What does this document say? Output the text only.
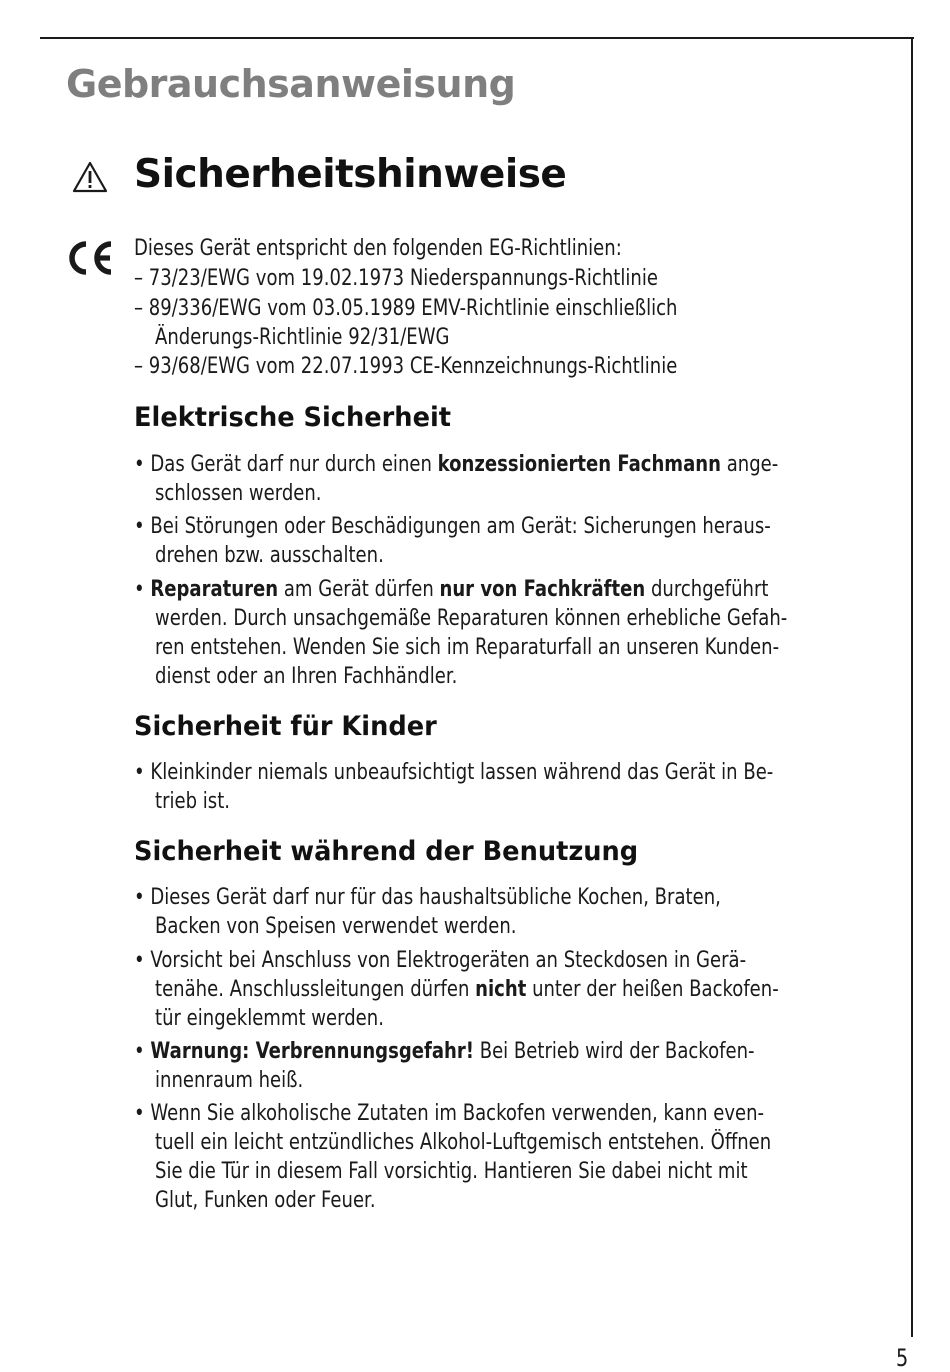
Gebrauchsanweisung
Sicherheitshinweise
Dieses Gerät entspricht den folgenden EG-Richtlinien:
– 73/23/EWG vom 19.02.1973 Niederspannungs-Richtlinie
– 89/336/EWG vom 03.05.1989 EMV-Richtlinie einschließlich
Änderungs-Richtlinie 92/31/EWG
– 93/68/EWG vom 22.07.1993 CE-Kennzeichnungs-Richtlinie
Elektrische Sicherheit
• Das Gerät darf nur durch einen konzessionierten Fachmann ange-
schlossen werden.
• Bei Störungen oder Beschädigungen am Gerät: Sicherungen heraus-
drehen bzw. ausschalten.
• Reparaturen am Gerät dürfen nur von Fachkräften durchgeführt
werden. Durch unsachgemäße Reparaturen können erhebliche Gefah-
ren entstehen. Wenden Sie sich im Reparaturfall an unseren Kunden-
dienst oder an Ihren Fachhändler.
Sicherheit für Kinder
• Kleinkinder niemals unbeaufsichtigt lassen während das Gerät in Be-
trieb ist.
Sicherheit während der Benutzung
• Dieses Gerät darf nur für das haushaltsübliche Kochen, Braten,
Backen von Speisen verwendet werden.
• Vorsicht bei Anschluss von Elektrogeräten an Steckdosen in Gerä-
tenähe. Anschlussleitungen dürfen nicht unter der heißen Backofen-
tür eingeklemmt werden.
• Warnung: Verbrennungsgefahr! Bei Betrieb wird der Backofen-
innenraum heiß.
• Wenn Sie alkoholische Zutaten im Backofen verwenden, kann even-
tuell ein leicht entzündliches Alkohol-Luftgemisch entstehen. Öffnen
Sie die Tür in diesem Fall vorsichtig. Hantieren Sie dabei nicht mit
Glut, Funken oder Feuer.
5
